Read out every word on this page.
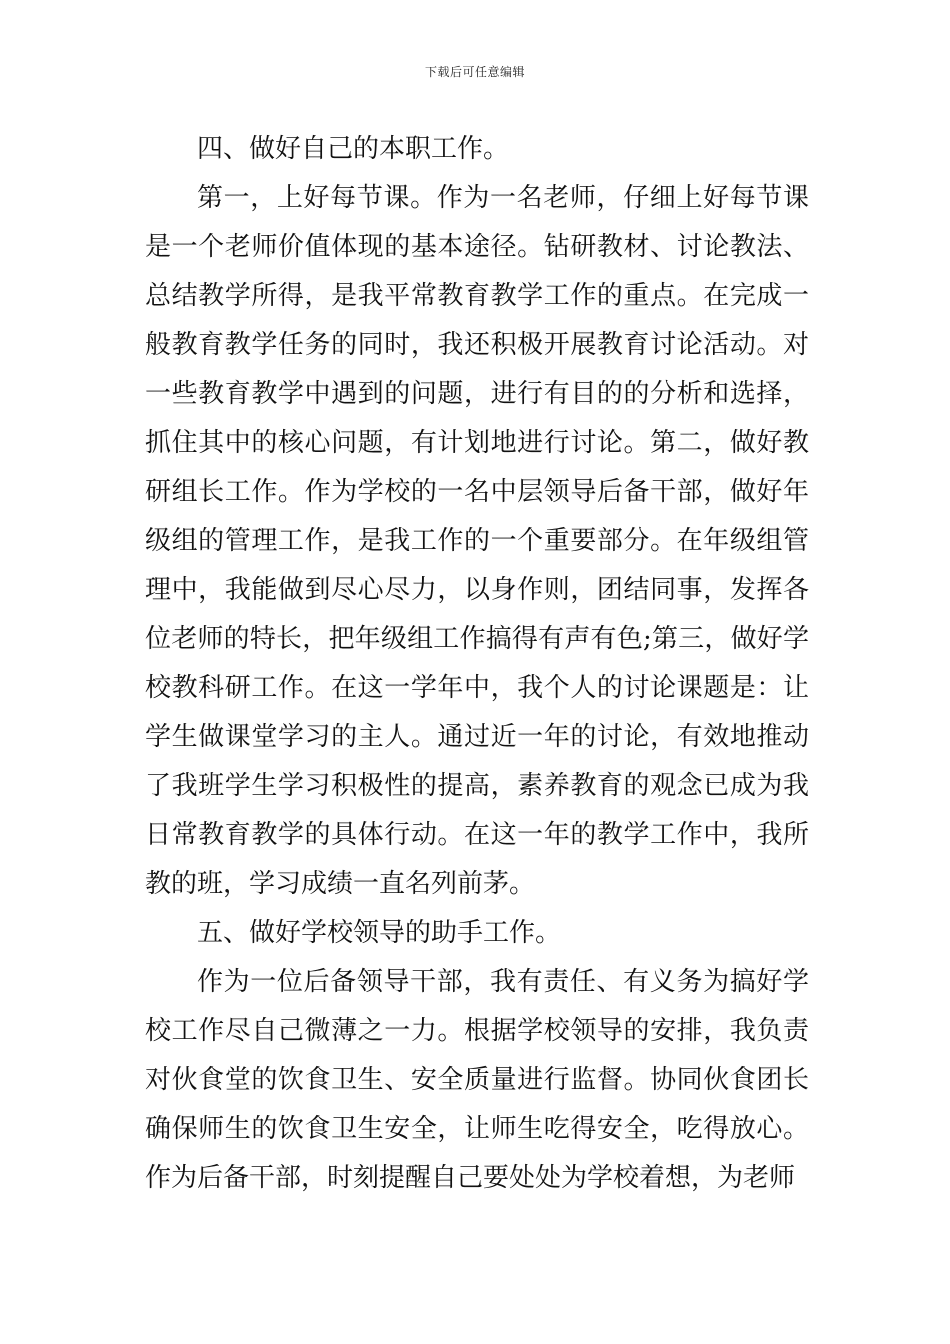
下载后可任意编辑

四、做好自己的本职工作。

第一，上好每节课。作为一名老师，仔细上好每节课是一个老师价值体现的基本途径。钻研教材、讨论教法、总结教学所得，是我平常教育教学工作的重点。在完成一般教育教学任务的同时，我还积极开展教育讨论活动。对一些教育教学中遇到的问题，进行有目的的分析和选择，抓住其中的核心问题，有计划地进行讨论。第二，做好教研组长工作。作为学校的一名中层领导后备干部，做好年级组的管理工作，是我工作的一个重要部分。在年级组管理中，我能做到尽心尽力，以身作则，团结同事，发挥各位老师的特长，把年级组工作搞得有声有色;第三，做好学校教科研工作。在这一学年中，我个人的讨论课题是：让学生做课堂学习的主人。通过近一年的讨论，有效地推动了我班学生学习积极性的提高，素养教育的观念已成为我日常教育教学的具体行动。在这一年的教学工作中，我所教的班，学习成绩一直名列前茅。

五、做好学校领导的助手工作。

作为一位后备领导干部，我有责任、有义务为搞好学校工作尽自己微薄之一力。根据学校领导的安排，我负责对伙食堂的饮食卫生、安全质量进行监督。协同伙食团长确保师生的饮食卫生安全，让师生吃得安全，吃得放心。作为后备干部，时刻提醒自己要处处为学校着想，为老师
